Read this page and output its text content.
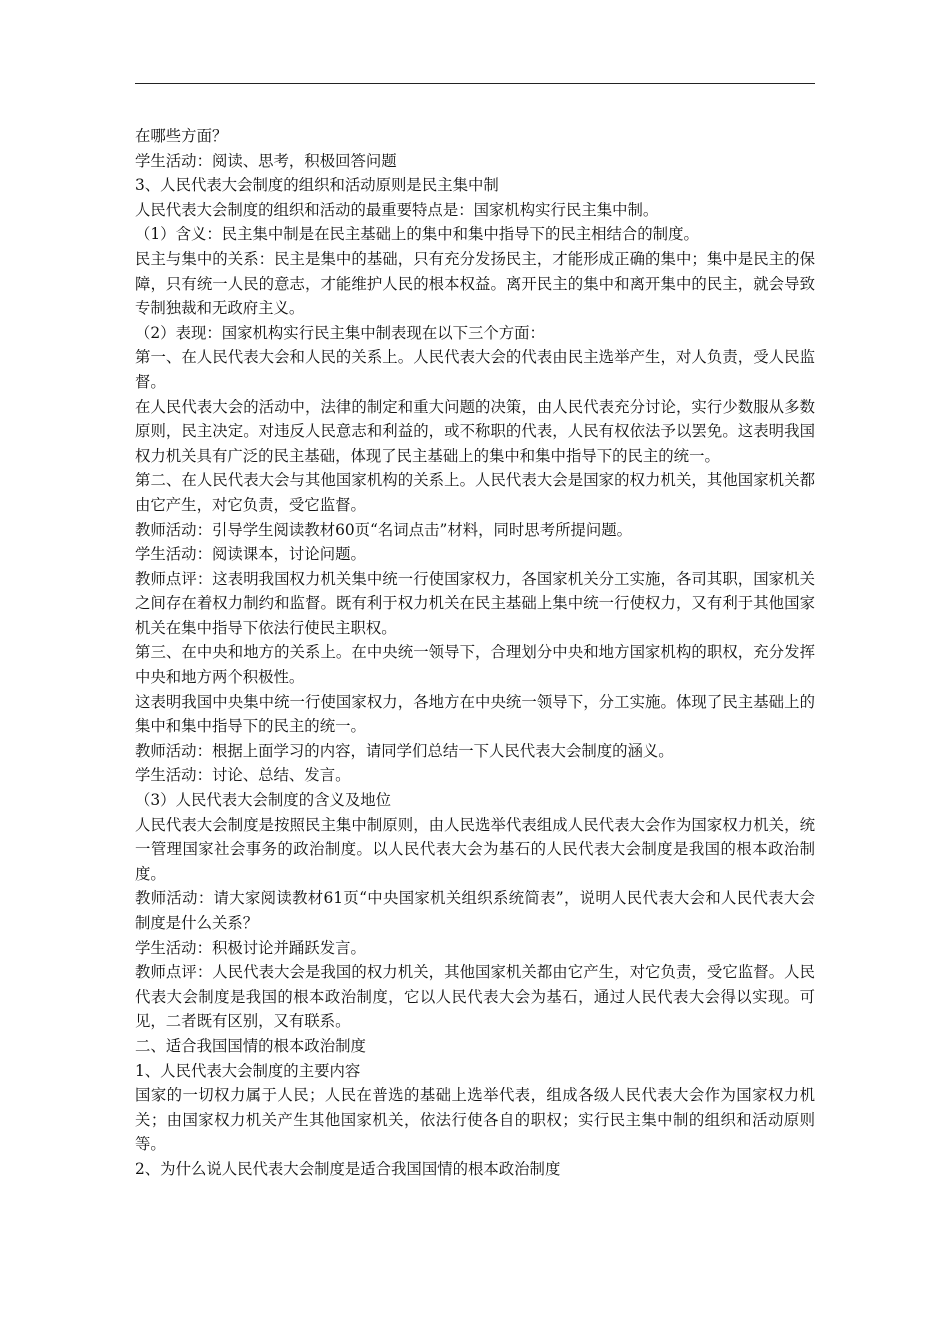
在哪些方面？

学生活动：阅读、思考，积极回答问题

3、人民代表大会制度的组织和活动原则是民主集中制

人民代表大会制度的组织和活动的最重要特点是：国家机构实行民主集中制。

（1）含义：民主集中制是在民主基础上的集中和集中指导下的民主相结合的制度。

民主与集中的关系：民主是集中的基础，只有充分发扬民主，才能形成正确的集中；集中是民主的保障，只有统一人民的意志，才能维护人民的根本权益。离开民主的集中和离开集中的民主，就会导致专制独裁和无政府主义。

（2）表现：国家机构实行民主集中制表现在以下三个方面：

第一、在人民代表大会和人民的关系上。人民代表大会的代表由民主选举产生，对人负责，受人民监督。

在人民代表大会的活动中，法律的制定和重大问题的决策，由人民代表充分讨论，实行少数服从多数原则，民主决定。对违反人民意志和利益的，或不称职的代表，人民有权依法予以罢免。这表明我国权力机关具有广泛的民主基础，体现了民主基础上的集中和集中指导下的民主的统一。

第二、在人民代表大会与其他国家机构的关系上。人民代表大会是国家的权力机关，其他国家机关都由它产生，对它负责，受它监督。

教师活动：引导学生阅读教材60页“名词点击”材料，同时思考所提问题。

学生活动：阅读课本，讨论问题。

教师点评：这表明我国权力机关集中统一行使国家权力，各国家机关分工实施，各司其职，国家机关之间存在着权力制约和监督。既有利于权力机关在民主基础上集中统一行使权力，又有利于其他国家机关在集中指导下依法行使民主职权。

第三、在中央和地方的关系上。在中央统一领导下，合理划分中央和地方国家机构的职权，充分发挥中央和地方两个积极性。

这表明我国中央集中统一行使国家权力，各地方在中央统一领导下，分工实施。体现了民主基础上的集中和集中指导下的民主的统一。

教师活动：根据上面学习的内容，请同学们总结一下人民代表大会制度的涵义。

学生活动：讨论、总结、发言。

（3）人民代表大会制度的含义及地位

人民代表大会制度是按照民主集中制原则，由人民选举代表组成人民代表大会作为国家权力机关，统一管理国家社会事务的政治制度。以人民代表大会为基石的人民代表大会制度是我国的根本政治制度。

教师活动：请大家阅读教材61页“中央国家机关组织系统简表”，说明人民代表大会和人民代表大会制度是什么关系？

学生活动：积极讨论并踊跃发言。

教师点评：人民代表大会是我国的权力机关，其他国家机关都由它产生，对它负责，受它监督。人民代表大会制度是我国的根本政治制度，它以人民代表大会为基石，通过人民代表大会得以实现。可见，二者既有区别，又有联系。

二、适合我国国情的根本政治制度

1、人民代表大会制度的主要内容

国家的一切权力属于人民；人民在普选的基础上选举代表，组成各级人民代表大会作为国家权力机关；由国家权力机关产生其他国家机关，依法行使各自的职权；实行民主集中制的组织和活动原则等。

2、为什么说人民代表大会制度是适合我国国情的根本政治制度
